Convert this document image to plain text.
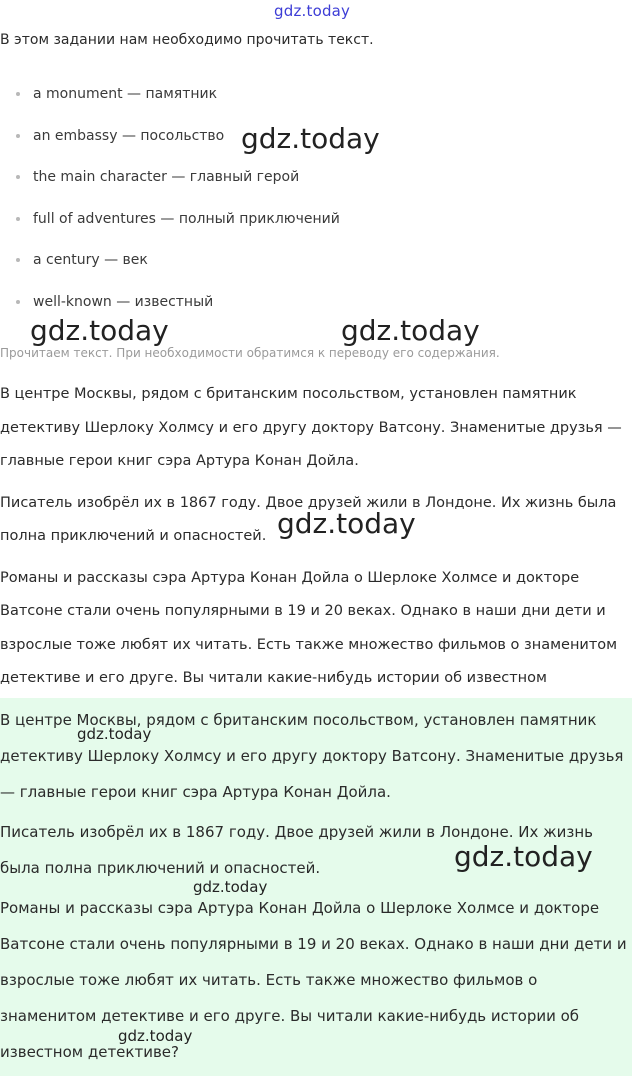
gdz.today
В этом задании нам необходимо прочитать текст.
a monument — памятник
an embassy — посольство
the main character — главный герой
full of adventures — полный приключений
a century — век
well-known — известный
Прочитаем текст. При необходимости обратимся к переводу его содержания.

В центре Москвы, рядом с британским посольством, установлен памятник детективу Шерлоку Холмсу и его другу доктору Ватсону. Знаменитые друзья — главные герои книг сэра Артура Конан Дойла.

Писатель изобрёл их в 1867 году. Двое друзей жили в Лондоне. Их жизнь была полна приключений и опасностей.

Романы и рассказы сэра Артура Конан Дойла о Шерлоке Холмсе и докторе Ватсоне стали очень популярными в 19 и 20 веках. Однако в наши дни дети и взрослые тоже любят их читать. Есть также множество фильмов о знаменитом детективе и его друге. Вы читали какие-нибудь истории об известном

В центре Москвы, рядом с британским посольством, установлен памятник детективу Шерлоку Холмсу и его другу доктору Ватсону. Знаменитые друзья — главные герои книг сэра Артура Конан Дойла.

Писатель изобрёл их в 1867 году. Двое друзей жили в Лондоне. Их жизнь была полна приключений и опасностей.

Романы и рассказы сэра Артура Конан Дойла о Шерлоке Холмсе и докторе Ватсоне стали очень популярными в 19 и 20 веках. Однако в наши дни дети и взрослые тоже любят их читать. Есть также множество фильмов о знаменитом детективе и его друге. Вы читали какие-нибудь истории об известном детективе?

gdz.today
gdz.today	gdz.today
gdz.today
gdz.today
gdz.today
gdz.today
gdz.today
